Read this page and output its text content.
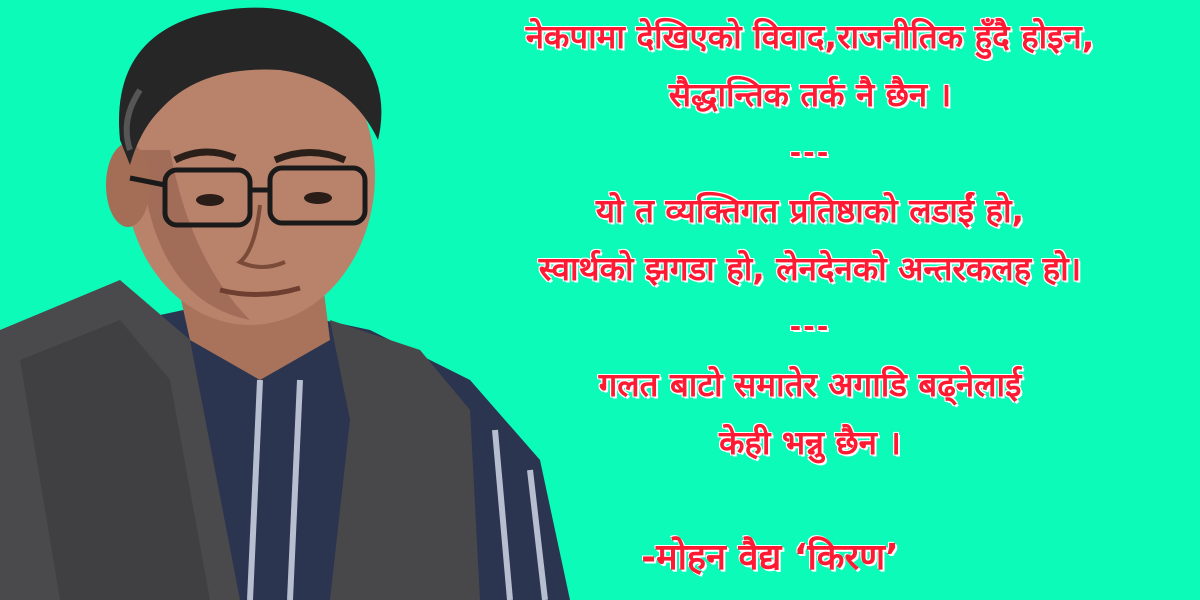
नेकपामा देखिएको विवाद,राजनीतिक हुँदै होइन,
सैद्धान्तिक तर्क नै छैन ।
---
यो त व्यक्तिगत प्रतिष्ठाको लडाईं हो,
स्वार्थको झगडा हो, लेनदेनको अन्तरकलह हो।
---
गलत बाटो समातेर अगाडि बढ्नेलाई
केही भन्नु छैन ।
-मोहन वैद्य ‘किरण’
